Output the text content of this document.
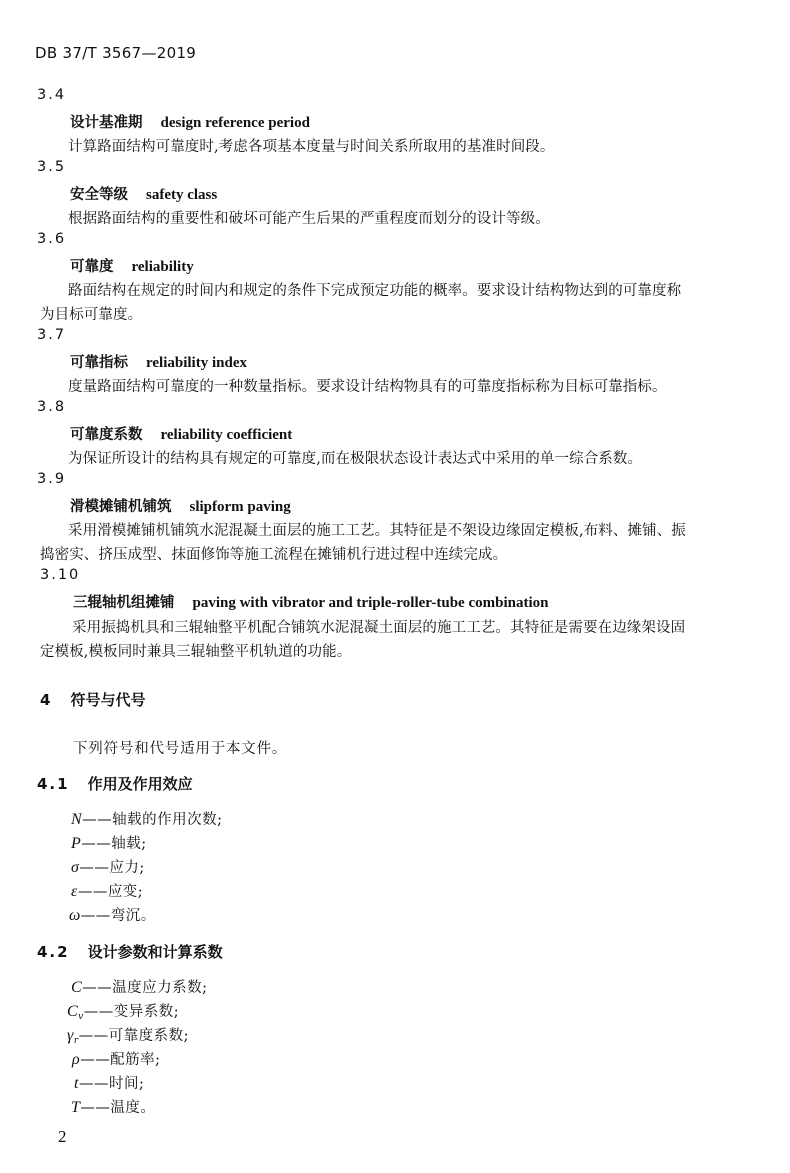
DB 37/T 3567—2019
3.4
设计基准期 design reference period
计算路面结构可靠度时,考虑各项基本度量与时间关系所取用的基准时间段。
3.5
安全等级 safety class
根据路面结构的重要性和破坏可能产生后果的严重程度而划分的设计等级。
3.6
可靠度 reliability
路面结构在规定的时间内和规定的条件下完成预定功能的概率。要求设计结构物达到的可靠度称
为目标可靠度。
3.7
可靠指标 reliability index
度量路面结构可靠度的一种数量指标。要求设计结构物具有的可靠度指标称为目标可靠指标。
3.8
可靠度系数 reliability coefficient
为保证所设计的结构具有规定的可靠度,而在极限状态设计表达式中采用的单一综合系数。
3.9
滑模摊铺机铺筑 slipform paving
采用滑模摊铺机铺筑水泥混凝土面层的施工工艺。其特征是不架设边缘固定模板,布料、摊铺、振
捣密实、挤压成型、抹面修饰等施工流程在摊铺机行进过程中连续完成。
3.10
三辊轴机组摊铺 paving with vibrator and triple-roller-tube combination
采用振捣机具和三辊轴整平机配合铺筑水泥混凝土面层的施工工艺。其特征是需要在边缘架设固
定模板,模板同时兼具三辊轴整平机轨道的功能。
4 符号与代号
下列符号和代号适用于本文件。
4.1 作用及作用效应
N——轴载的作用次数;
P——轴载;
σ——应力;
ε——应变;
ω——弯沉。
4.2 设计参数和计算系数
C——温度应力系数;
$C_v——$变异系数;
$\gamma_r——$可靠度系数;
ρ——配筋率;
t——时间;
T——温度。
2
